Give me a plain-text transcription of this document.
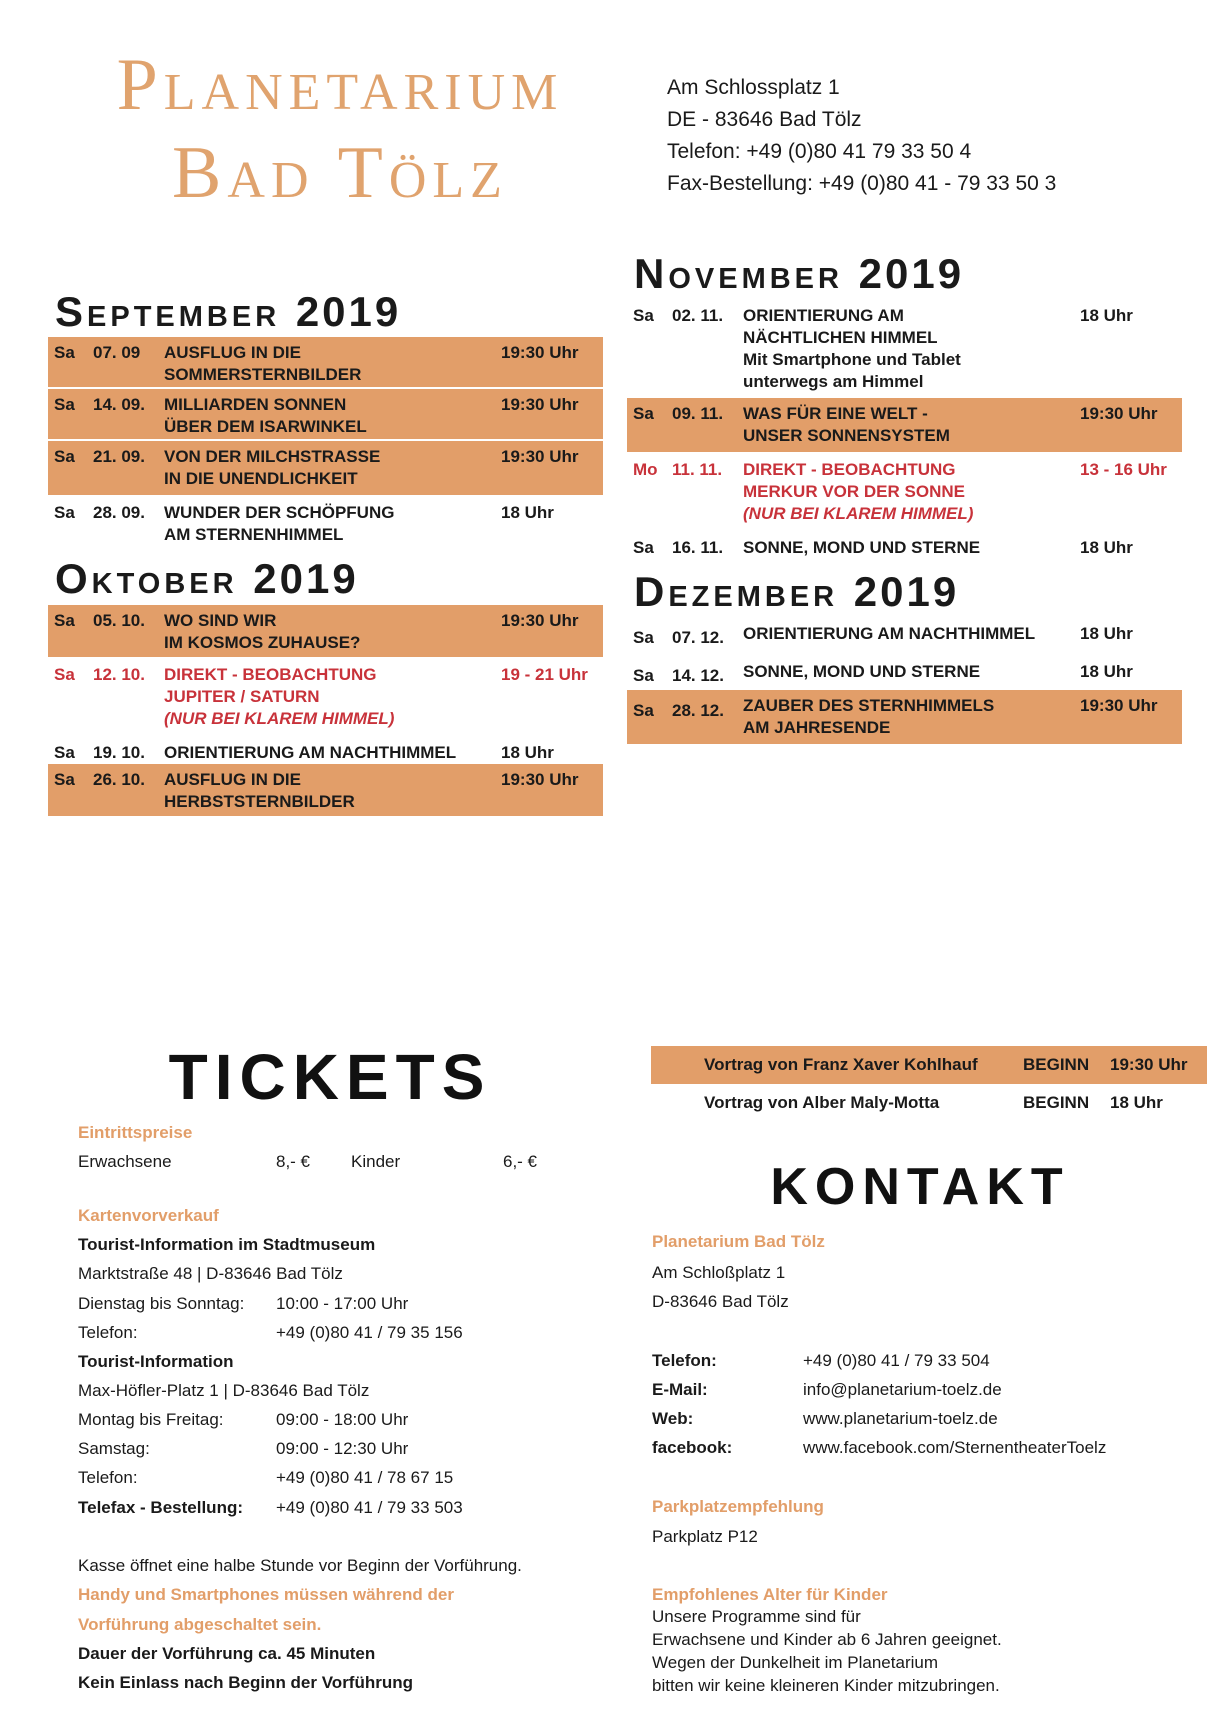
Planetarium
Bad Tölz
Am Schlossplatz 1
DE - 83646 Bad Tölz
Telefon: +49 (0)80 41 79 33 50 4
Fax-Bestellung: +49 (0)80 41 - 79 33 50 3
September 2019
Sa 07. 09 AUSFLUG IN DIE
SOMMERSTERNBILDER
19:30 Uhr
Sa 14. 09. MILLIARDEN SONNEN
ÜBER DEM ISARWINKEL
19:30 Uhr
Sa 21. 09. VON DER MILCHSTRASSE
IN DIE UNENDLICHKEIT
19:30 Uhr
Sa 28. 09. WUNDER DER SCHÖPFUNG
AM STERNENHIMMEL
18 Uhr
Oktober 2019
Sa 05. 10. WO SIND WIR
IM KOSMOS ZUHAUSE?
19:30 Uhr
Sa 12. 10. DIREKT - BEOBACHTUNG
JUPITER / SATURN
(NUR BEI KLAREM HIMMEL)
19 - 21 Uhr
Sa 19. 10. ORIENTIERUNG AM NACHTHIMMEL	18 Uhr
Sa 26. 10. AUSFLUG IN DIE
HERBSTSTERNBILDER
19:30 Uhr
November 2019
Sa 02. 11. ORIENTIERUNG AM
NÄCHTLICHEN HIMMEL
Mit Smartphone und Tablet
unterwegs am Himmel
18 Uhr
Sa 09. 11. WAS FÜR EINE WELT -
UNSER SONNENSYSTEM
19:30 Uhr
Mo 11. 11. DIREKT - BEOBACHTUNG
MERKUR VOR DER SONNE
(NUR BEI KLAREM HIMMEL)
13 - 16 Uhr
Sa 16. 11. SONNE, MOND UND STERNE	18 Uhr
Dezember 2019
Sa 07. 12. ORIENTIERUNG AM NACHTHIMMEL	18 Uhr
Sa 14. 12. SONNE, MOND UND STERNE	18 Uhr
Sa 28. 12. ZAUBER DES STERNHIMMELS
AM JAHRESENDE
19:30 Uhr
TICKETS
Eintrittspreise
Erwachsene	8,- € Kinder	6,- €
Kartenvorverkauf
Tourist-Information im Stadtmuseum
Marktstraße 48 | D-83646 Bad Tölz
Dienstag bis Sonntag: 10:00 - 17:00 Uhr
Telefon:	+49 (0)80 41 / 79 35 156
Tourist-Information
Max-Höfler-Platz 1 | D-83646 Bad Tölz
Montag bis Freitag:	09:00 - 18:00 Uhr
Samstag:	09:00 - 12:30 Uhr
Telefon:	+49 (0)80 41 / 78 67 15
Telefax - Bestellung: +49 (0)80 41 / 79 33 503
Kasse öffnet eine halbe Stunde vor Beginn der Vorführung.
Handy und Smartphones müssen während der
Vorführung abgeschaltet sein.
Dauer der Vorführung ca. 45 Minuten
Kein Einlass nach Beginn der Vorführung
Vortrag von Franz Xaver Kohlhauf	BEGINN 19:30 Uhr
Vortrag von Alber Maly-Motta	BEGINN 18 Uhr
KONTAKT
Planetarium Bad Tölz
Am Schloßplatz 1
D-83646 Bad Tölz
Telefon:	+49 (0)80 41 / 79 33 504
E-Mail:	info@planetarium-toelz.de
Web:	www.planetarium-toelz.de
facebook:	www.facebook.com/SternentheaterToelz
Parkplatzempfehlung
Parkplatz P12
Empfohlenes Alter für Kinder
Unsere Programme sind für
Erwachsene und Kinder ab 6 Jahren geeignet.
Wegen der Dunkelheit im Planetarium
bitten wir keine kleineren Kinder mitzubringen.
